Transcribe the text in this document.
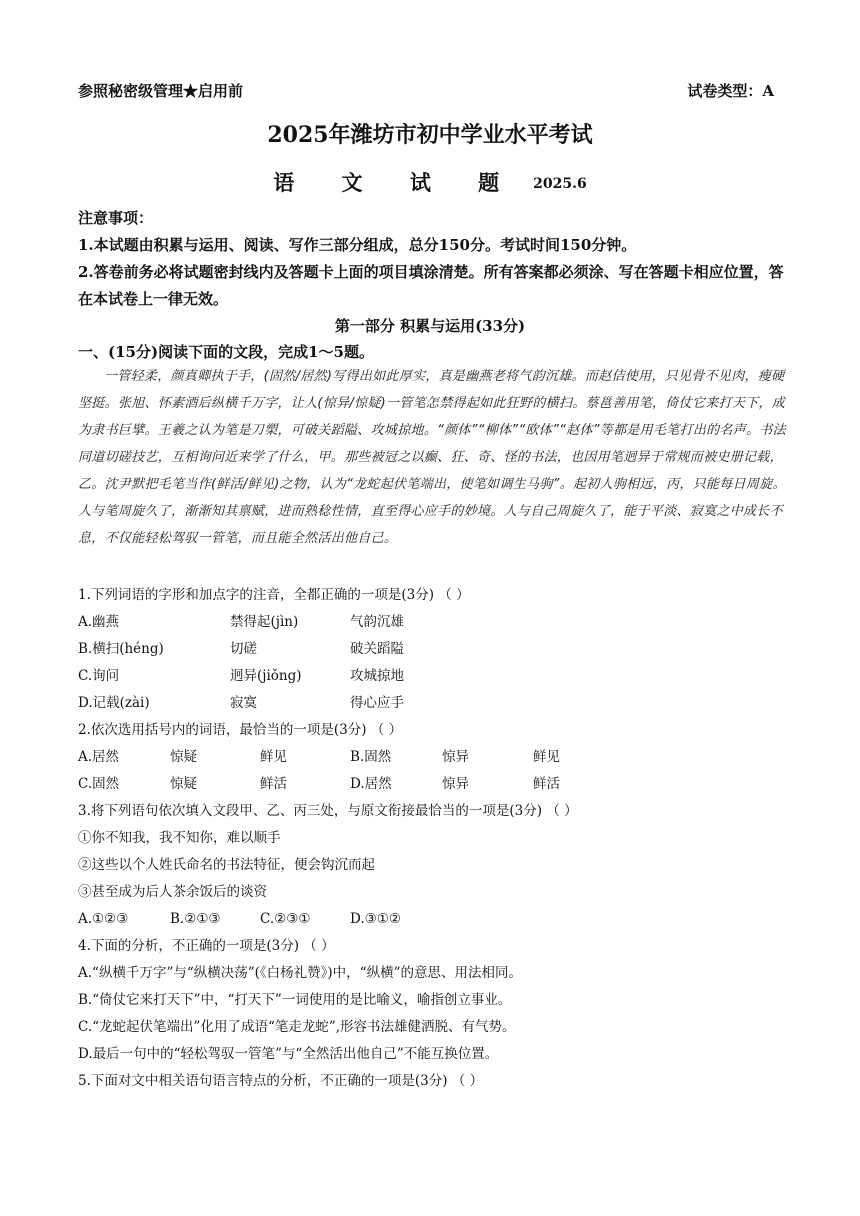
参照秘密级管理★启用前	试卷类型：A
2025年潍坊市初中学业水平考试
语 文 试 题 2025.6
注意事项：

1.本试题由积累与运用、阅读、写作三部分组成，总分150分。考试时间150分钟。

2.答卷前务必将试题密封线内及答题卡上面的项目填涂清楚。所有答案都必须涂、写在答题卡相应位置，答在本试卷上一律无效。

第一部分 积累与运用(33分)
一、(15分)阅读下面的文段，完成1～5题。
一管轻柔，颜真卿执于手，(固然/居然)写得出如此厚实，真是幽燕老将气韵沉雄。而赵佶使用，只见骨不见肉，瘦硬坚挺。张旭、怀素酒后纵横千万字，让人(惊异/惊疑)一管笔怎禁得起如此狂野的横扫。蔡邕善用笔，倚仗它来打天下，成为隶书巨擘。王羲之认为笔是刀槊，可破关蹈隘、攻城掠地。“颜体”“柳体”“欧体”“赵体”等都是用毛笔打出的名声。书法同道切磋技艺，互相询问近来学了什么，甲。那些被冠之以癫、狂、奇、怪的书法，也因用笔迥异于常规而被史册记载，乙。沈尹默把毛笔当作(鲜活/鲜见)之物，认为“龙蛇起伏笔端出，使笔如调生马驹”。起初人驹相远，丙，只能每日周旋。人与笔周旋久了，渐渐知其禀赋，进而熟稔性情，直至得心应手的妙境。人与自己周旋久了，能于平淡、寂寞之中成长不息，不仅能轻松驾驭一管笔，而且能全然活出他自己。
1.下列词语的字形和加点字的注音，全都正确的一项是(3分) （ ）
A.幽燕	禁得起(jìn)	气韵沉雄
B.横扫(héng)	切磋	破关蹈隘
C.询问	迥异(jiǒng)	攻城掠地
D.记载(zài)	寂寞	得心应手
2.依次选用括号内的词语，最恰当的一项是(3分) （ ）
A.居然	惊疑	鲜见	B.固然	惊异	鲜见
C.固然	惊疑	鲜活	D.居然	惊异	鲜活
3.将下列语句依次填入文段甲、乙、丙三处，与原文衔接最恰当的一项是(3分) （ ）
①你不知我，我不知你，难以顺手
②这些以个人姓氏命名的书法特征，便会钩沉而起
③甚至成为后人茶余饭后的谈资
A.①②③	B.②①③	C.②③①	D.③①②
4.下面的分析，不正确的一项是(3分) （ ）
A.“纵横千万字”与“纵横决荡”(《白杨礼赞》)中，“纵横”的意思、用法相同。
B.“倚仗它来打天下”中，“打天下”一词使用的是比喻义，喻指创立事业。
C.“龙蛇起伏笔端出”化用了成语“笔走龙蛇”,形容书法雄健洒脱、有气势。
D.最后一句中的“轻松驾驭一管笔”与“全然活出他自己”不能互换位置。
5.下面对文中相关语句语言特点的分析，不正确的一项是(3分) （ ）
